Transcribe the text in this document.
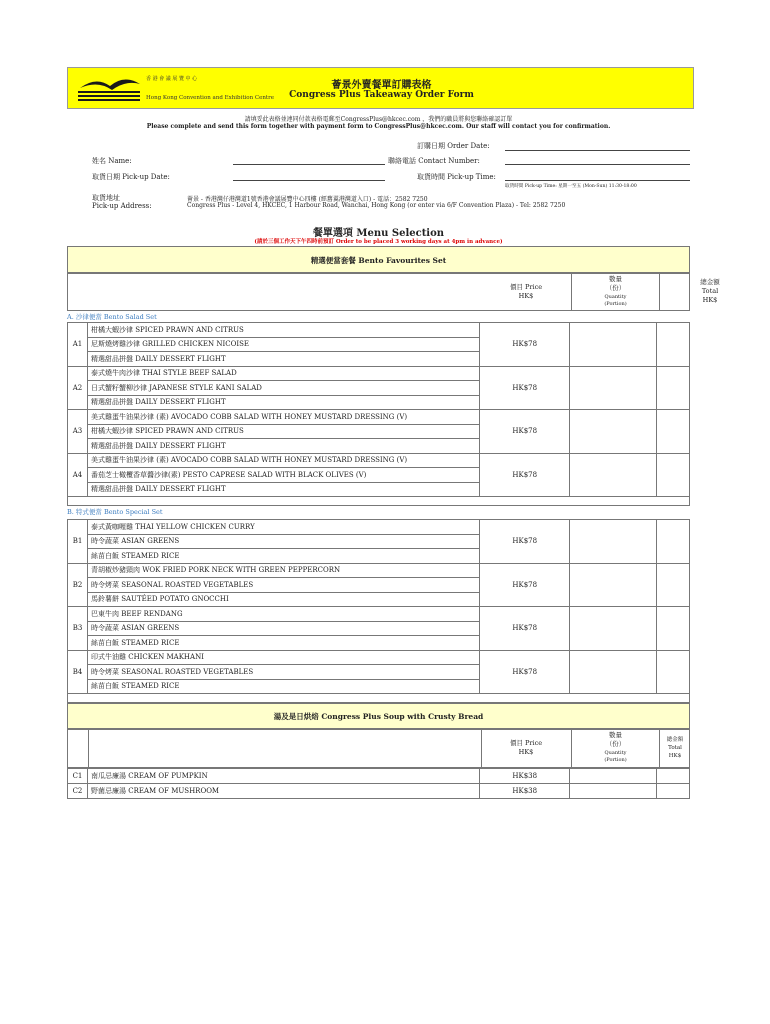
香 港 會 議 展 覽 中 心
Hong Kong Convention and Exhibition Centre
薈景外賣餐單訂購表格
Congress Plus Takeaway Order Form
請填妥此表格並連同付款表格電郵至CongressPlus@hkcec.com ，我們的職員將與您聯絡確認訂單
Please complete and send this form together with payment form to CongressPlus@hkcec.com. Our staff will contact you for confirmation.
訂購日期 Order Date:
姓名 Name:	聯絡電話 Contact Number:
取貨日期 Pick-up Date:	取貨時間 Pick-up Time:
取貨時間 Pick-up Time: 星期一至五 (Mon-Sun) 11:30-18:00
取貨地址
Pick-up Address:
薈景 - 香港灣仔港灣道1號香港會議展覽中心四樓 (經舊翼港灣道入口) - 電話：2582 7250
Congress Plus - Level 4, HKCEC, 1 Harbour Road, Wanchai, Hong Kong (or enter via 6/F Convention Plaza) - Tel: 2582 7250
餐單選項 Menu Selection
(請於三個工作天下午四時前預訂 Order to be placed 3 working days at 4pm in advance)
精選便當套餐 Bento Favourites Set
價目 Price
HK$
數量
（份）
Quantity
(Portion)
總金額
Total
HK$
A. 沙律便當 Bento Salad Set
A1	柑橘大蝦沙律 SPICED PRAWN AND CITRUS	HK$78		
	尼斯燒烤雞沙律 GRILLED CHICKEN NICOISE			
	精選甜品拼盤 DAILY DESSERT FLIGHT			
A2	泰式燒牛肉沙律 THAI STYLE BEEF SALAD	HK$78		
	日式蟹籽蟹柳沙律 JAPANESE STYLE KANI SALAD			
	精選甜品拼盤 DAILY DESSERT FLIGHT			
A3	美式雞蛋牛油果沙律 (素) AVOCADO COBB SALAD WITH HONEY MUSTARD DRESSING (V)	HK$78		
	柑橘大蝦沙律 SPICED PRAWN AND CITRUS			
	精選甜品拼盤 DAILY DESSERT FLIGHT			
A4	美式雞蛋牛油果沙律 (素) AVOCADO COBB SALAD WITH HONEY MUSTARD DRESSING (V)	HK$78		
	番茄芝士橄欖香草醬沙律(素) PESTO CAPRESE SALAD WITH BLACK OLIVES (V)			
	精選甜品拼盤 DAILY DESSERT FLIGHT			

B. 特式便當 Bento Special Set
B1	泰式黃咖喱雞 THAI YELLOW CHICKEN CURRY	HK$78		
	時令蔬菜 ASIAN GREENS			
	絲苗白飯 STEAMED RICE			
B2	青胡椒炒豬頸肉 WOK FRIED PORK NECK WITH GREEN PEPPERCORN	HK$78		
	時令烤菜 SEASONAL ROASTED VEGETABLES			
	馬鈴薯餅 SAUTÉED POTATO GNOCCHI			
B3	巴東牛肉 BEEF RENDANG	HK$78		
	時令蔬菜 ASIAN GREENS			
	絲苗白飯 STEAMED RICE			
B4	印式牛油雞 CHICKEN MAKHANI	HK$78		
	時令烤菜 SEASONAL ROASTED VEGETABLES			
	絲苗白飯 STEAMED RICE			

湯及是日烘焙 Congress Plus Soup with Crusty Bread
價目 Price
HK$
數量
（份）
Quantity
(Portion)
總金額
Total
HK$
C1	南瓜忌廉湯 CREAM OF PUMPKIN	HK$38		
C2	野菌忌廉湯 CREAM OF MUSHROOM	HK$38		
